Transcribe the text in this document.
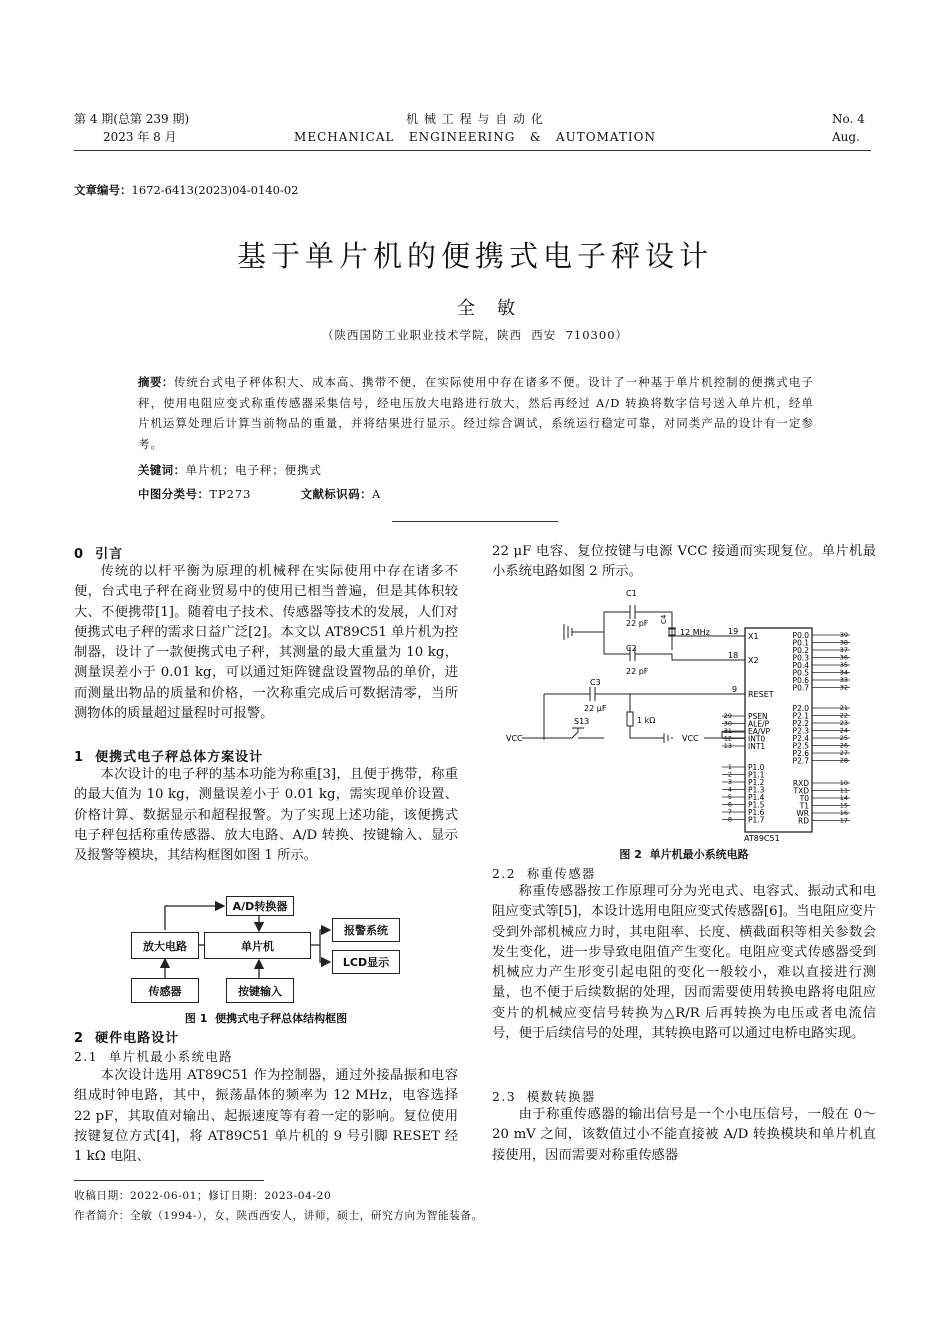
第 4 期(总第 239 期)
2023 年 8 月
机 械 工 程 与 自 动 化
MECHANICAL   ENGINEERING   &   AUTOMATION
No. 4
Aug.
文章编号：1672-6413(2023)04-0140-02
基于单片机的便携式电子秤设计
全敏
（陕西国防工业职业技术学院，陕西  西安  710300）
摘要：传统台式电子秤体积大、成本高、携带不便，在实际使用中存在诸多不便。设计了一种基于单片机控制的便携式电子秤，使用电阻应变式称重传感器采集信号，经电压放大电路进行放大，然后再经过 A/D 转换将数字信号送入单片机，经单片机运算处理后计算当前物品的重量，并将结果进行显示。经过综合调试，系统运行稳定可靠，对同类产品的设计有一定参考。
关键词：单片机；电子秤；便携式
中图分类号：TP273	文献标识码：A
0  引言

传统的以杆平衡为原理的机械秤在实际使用中存在诸多不便，台式电子秤在商业贸易中的使用已相当普遍，但是其体积较大、不便携带[1]。随着电子技术、传感器等技术的发展，人们对便携式电子秤的需求日益广泛[2]。本文以 AT89C51 单片机为控制器，设计了一款便携式电子秤，其测量的最大重量为 10 kg，测量误差小于 0.01 kg，可以通过矩阵键盘设置物品的单价，进而测量出物品的质量和价格，一次称重完成后可数据清零，当所测物体的质量超过量程时可报警。

1  便携式电子秤总体方案设计

本次设计的电子秤的基本功能为称重[3]，且便于携带，称重的最大值为 10 kg，测量误差小于 0.01 kg，需实现单价设置、价格计算、数据显示和超程报警。为了实现上述功能，该便携式电子秤包括称重传感器、放大电路、A/D 转换、按键输入、显示及报警等模块，其结构框图如图 1 所示。

A/D转换器
放大电路	单片机
报警系统
LCD显示
传感器	按键输入
图 1  便携式电子秤总体结构框图
2  硬件电路设计
2.1  单片机最小系统电路

本次设计选用 AT89C51 作为控制器，通过外接晶振和电容组成时钟电路，其中，振荡晶体的频率为 12 MHz，电容选择 22 pF，其取值对输出、起振速度等有着一定的影响。复位使用按键复位方式[4]，将 AT89C51 单片机的 9 号引脚 RESET 经 1 kΩ 电阻、

22 μF 电容、复位按键与电源 VCC 接通而实现复位。单片机最小系统电路如图 2 所示。

C1
22 pF
C2
22 pF
C4
12 MHz
C3
22 μF
1 kΩ
S13
VCC	VCC
19
18
9
X1
X2
RESET
P0.0	39
P0.1	38
P0.2	37
P0.3	36
P0.4	35
P0.5	34
P0.6	33
P0.7	32
P2.0	21
P2.1	22
P2.2	23
P2.3	24
P2.4	25
P2.5	26
P2.6	27
P2.7	28
RXD	10
TXD	11
T0	14
T1	15
WR	16
RD	17
PSEN
29
ALE/P
30
EA/VP
31
INT0
12
INT1
13
P1.0
1
P1.1
2
P1.2
3
P1.3
4
P1.4
5
P1.5
6
P1.6
7
P1.7
8
AT89C51
图 2  单片机最小系统电路
2.2  称重传感器

称重传感器按工作原理可分为光电式、电容式、振动式和电阻应变式等[5]，本设计选用电阻应变式传感器[6]。当电阻应变片受到外部机械应力时，其电阻率、长度、横截面积等相关参数会发生变化，进一步导致电阻值产生变化。电阻应变式传感器受到机械应力产生形变引起电阻的变化一般较小，难以直接进行测量，也不便于后续数据的处理，因而需要使用转换电路将电阻应变片的机械应变信号转换为△R/R 后再转换为电压或者电流信号，便于后续信号的处理，其转换电路可以通过电桥电路实现。

2.3  模数转换器

由于称重传感器的输出信号是一个小电压信号，一般在 0～20 mV 之间，该数值过小不能直接被 A/D 转换模块和单片机直接使用，因而需要对称重传感器

收稿日期：2022-06-01；修订日期：2023-04-20
作者简介：全敏（1994-），女，陕西西安人，讲师，硕士，研究方向为智能装备。
